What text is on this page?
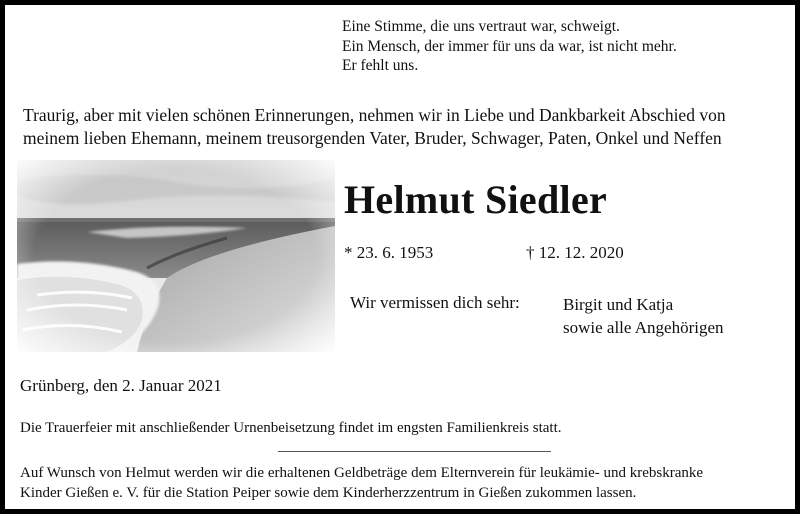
Eine Stimme, die uns vertraut war, schweigt.
Ein Mensch, der immer für uns da war, ist nicht mehr.
Er fehlt uns.
Traurig, aber mit vielen schönen Erinnerungen, nehmen wir in Liebe und Dankbarkeit Abschied von
meinem lieben Ehemann, meinem treusorgenden Vater, Bruder, Schwager, Paten, Onkel und Neffen
Helmut Siedler
* 23. 6. 1953	† 12. 12. 2020
Wir vermissen dich sehr:	Birgit und Katja
sowie alle Angehörigen
Grünberg, den 2. Januar 2021
Die Trauerfeier mit anschließender Urnenbeisetzung findet im engsten Familienkreis statt.
Auf Wunsch von Helmut werden wir die erhaltenen Geldbeträge dem Elternverein für leukämie- und krebskranke
Kinder Gießen e. V. für die Station Peiper sowie dem Kinderherzzentrum in Gießen zukommen lassen.
